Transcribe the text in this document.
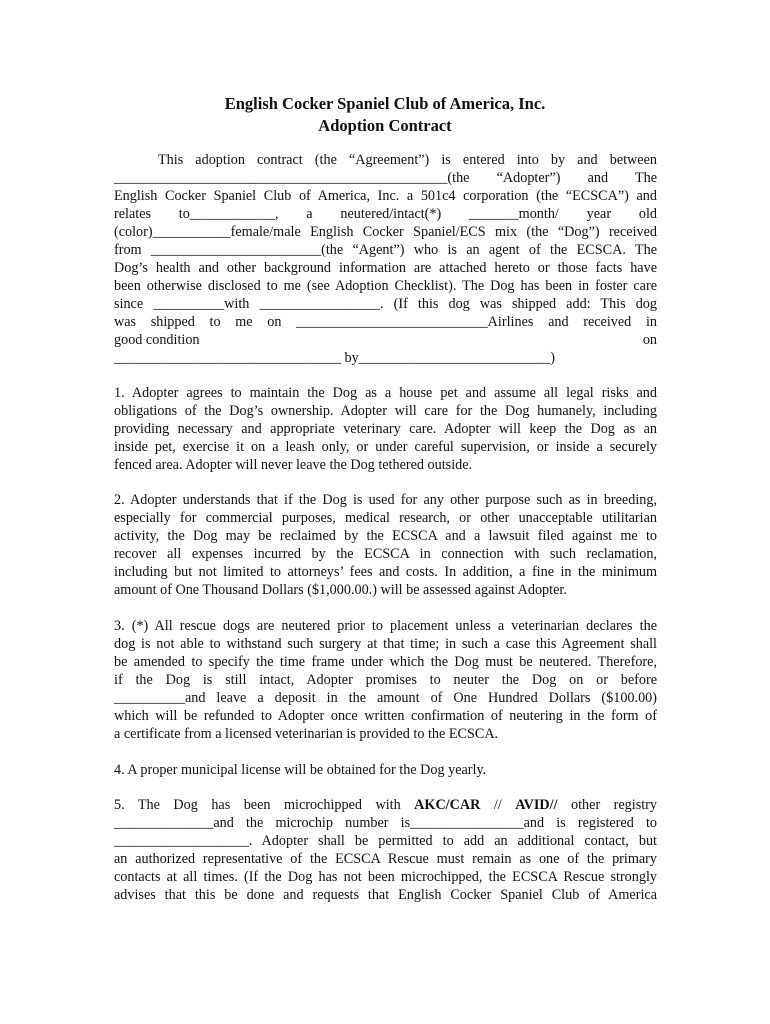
English Cocker Spaniel Club of America, Inc.
Adoption Contract
This adoption contract (the “Agreement”) is entered into by and between
_______________________________________________(the “Adopter”) and The
English Cocker Spaniel Club of America, Inc. a 501c4 corporation (the “ECSCA”) and
relates to____________, a neutered/intact(*) _______month/ year old
(color)___________female/male English Cocker Spaniel/ECS mix (the “Dog”) received
from ________________________(the “Agent”) who is an agent of the ECSCA. The
Dog’s health and other background information are attached hereto or those facts have
been otherwise disclosed to me (see Adoption Checklist). The Dog has been in foster care
since __________with _________________. (If this dog was shipped add: This dog
was shipped to me on ___________________________Airlines and received in
good condition	on
________________________________ by___________________________)
1. Adopter agrees to maintain the Dog as a house pet and assume all legal risks and
obligations of the Dog’s ownership. Adopter will care for the Dog humanely, including
providing necessary and appropriate veterinary care. Adopter will keep the Dog as an
inside pet, exercise it on a leash only, or under careful supervision, or inside a securely
fenced area. Adopter will never leave the Dog tethered outside.
2. Adopter understands that if the Dog is used for any other purpose such as in breeding,
especially for commercial purposes, medical research, or other unacceptable utilitarian
activity, the Dog may be reclaimed by the ECSCA and a lawsuit filed against me to
recover all expenses incurred by the ECSCA in connection with such reclamation,
including but not limited to attorneys’ fees and costs. In addition, a fine in the minimum
amount of One Thousand Dollars ($1,000.00.) will be assessed against Adopter.
3. (*) All rescue dogs are neutered prior to placement unless a veterinarian declares the
dog is not able to withstand such surgery at that time; in such a case this Agreement shall
be amended to specify the time frame under which the Dog must be neutered. Therefore,
if the Dog is still intact, Adopter promises to neuter the Dog on or before
__________and leave a deposit in the amount of One Hundred Dollars ($100.00)
which will be refunded to Adopter once written confirmation of neutering in the form of
a certificate from a licensed veterinarian is provided to the ECSCA.
4. A proper municipal license will be obtained for the Dog yearly.
5. The Dog has been microchipped with AKC/CAR // AVID// other registry
______________and the microchip number is________________and is registered to
___________________. Adopter shall be permitted to add an additional contact, but
an authorized representative of the ECSCA Rescue must remain as one of the primary
contacts at all times. (If the Dog has not been microchipped, the ECSCA Rescue strongly
advises that this be done and requests that English Cocker Spaniel Club of America
